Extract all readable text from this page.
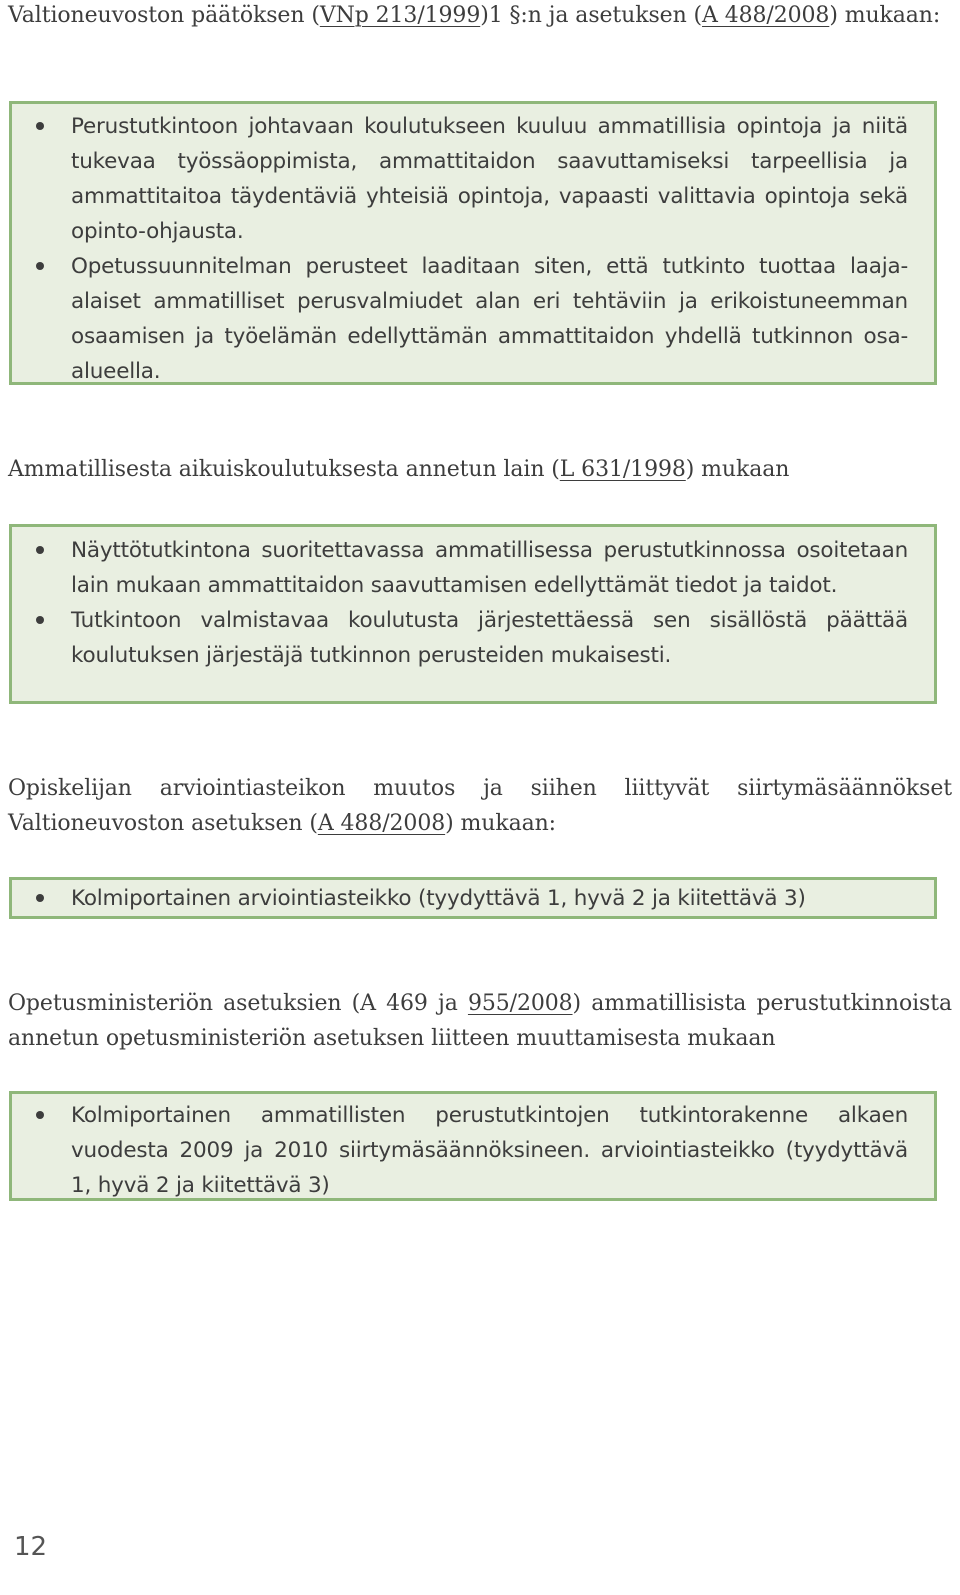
Valtioneuvoston päätöksen (VNp 213/1999)1 §:n ja asetuksen (A 488/2008) mukaan:

Perustutkintoon johtavaan koulutukseen kuuluu ammatillisia opintoja ja niitä tukevaa työssäoppimista, ammattitaidon saavuttamiseksi tarpeellisia ja ammattitaitoa täydentäviä yhteisiä opintoja, vapaasti valittavia opintoja sekä opinto-ohjausta.
Opetussuunnitelman perusteet laaditaan siten, että tutkinto tuottaa laaja-alaiset ammatilliset perusvalmiudet alan eri tehtäviin ja erikoistuneemman osaamisen ja työelämän edellyttämän ammattitaidon yhdellä tutkinnon osa-alueella.

Ammatillisesta aikuiskoulutuksesta annetun lain (L 631/1998) mukaan

Näyttötutkintona suoritettavassa ammatillisessa perustutkinnossa osoitetaan lain mukaan ammattitaidon saavuttamisen edellyttämät tiedot ja taidot.
Tutkintoon valmistavaa koulutusta järjestettäessä sen sisällöstä päättää koulutuksen järjestäjä tutkinnon perusteiden mukaisesti.

Opiskelijan arviointiasteikon muutos ja siihen liittyvät siirtymäsäännökset Valtioneuvoston asetuksen (A 488/2008) mukaan:

Kolmiportainen arviointiasteikko (tyydyttävä 1, hyvä 2 ja kiitettävä 3)

Opetusministeriön asetuksien (A 469 ja 955/2008) ammatillisista perustutkinnoista annetun opetusministeriön asetuksen liitteen muuttamisesta mukaan

Kolmiportainen ammatillisten perustutkintojen tutkintorakenne alkaen vuodesta 2009 ja 2010 siirtymäsäännöksineen. arviointiasteikko (tyydyttävä 1, hyvä 2 ja kiitettävä 3)
12
